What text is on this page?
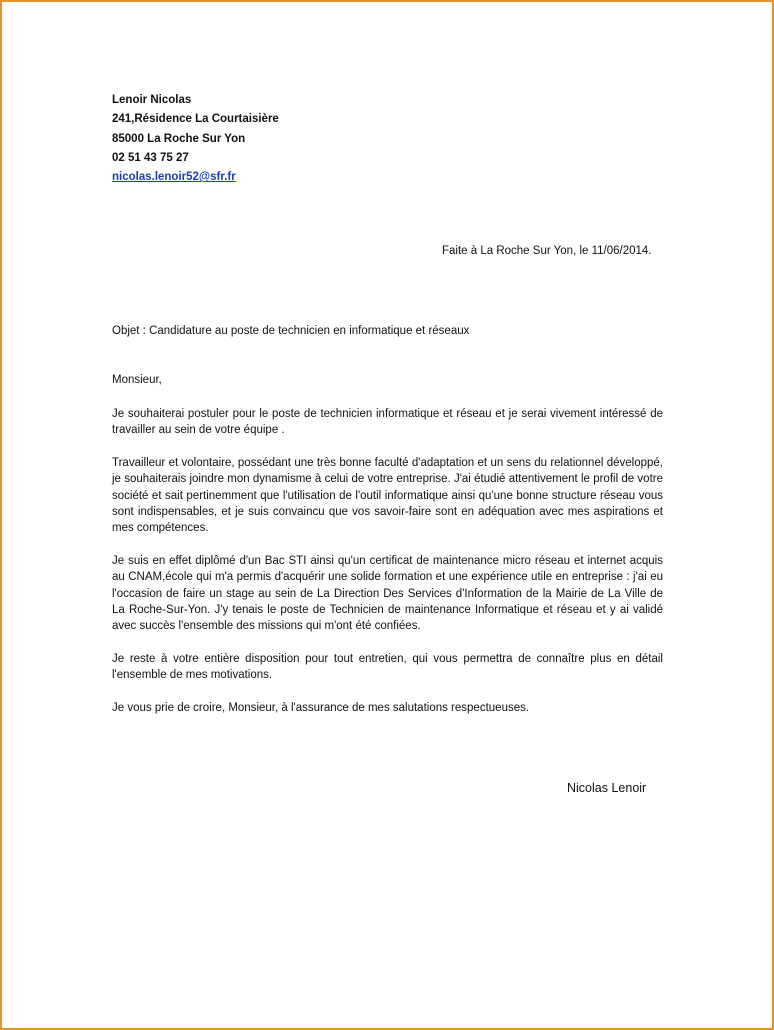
Lenoir Nicolas
241,Résidence La Courtaisière
85000 La Roche Sur Yon
02 51 43 75 27
nicolas.lenoir52@sfr.fr
Faite à La Roche Sur Yon, le 11/06/2014.
Objet : Candidature au poste de technicien en informatique et réseaux
Monsieur,

Je souhaiterai postuler pour le poste de technicien informatique et réseau et je serai vivement intéressé de travailler au sein de votre équipe .

Travailleur et volontaire, possédant une très bonne faculté d'adaptation et un sens du relationnel développé, je souhaiterais joindre mon dynamisme à celui de votre entreprise. J'ai étudié attentivement le profil de votre société et sait pertinemment que l'utilisation de l'outil informatique ainsi qu'une bonne structure réseau vous sont indispensables, et je suis convaincu que vos savoir-faire sont en adéquation avec mes aspirations et mes compétences.

Je suis en effet diplômé d'un Bac STI ainsi qu'un certificat de maintenance micro réseau et internet acquis au CNAM,école qui m'a permis d'acquérir une solide formation et une expérience utile en entreprise : j'ai eu l'occasion de faire un stage au sein de La Direction Des Services d'Information de la Mairie de La Ville de La Roche-Sur-Yon. J'y tenais le poste de Technicien de maintenance Informatique et réseau et y ai validé avec succès l'ensemble des missions qui m'ont été confiées.

Je reste à votre entière disposition pour tout entretien, qui vous permettra de connaître plus en détail l'ensemble de mes motivations.

Je vous prie de croire, Monsieur, à l'assurance de mes salutations respectueuses.

Nicolas Lenoir
